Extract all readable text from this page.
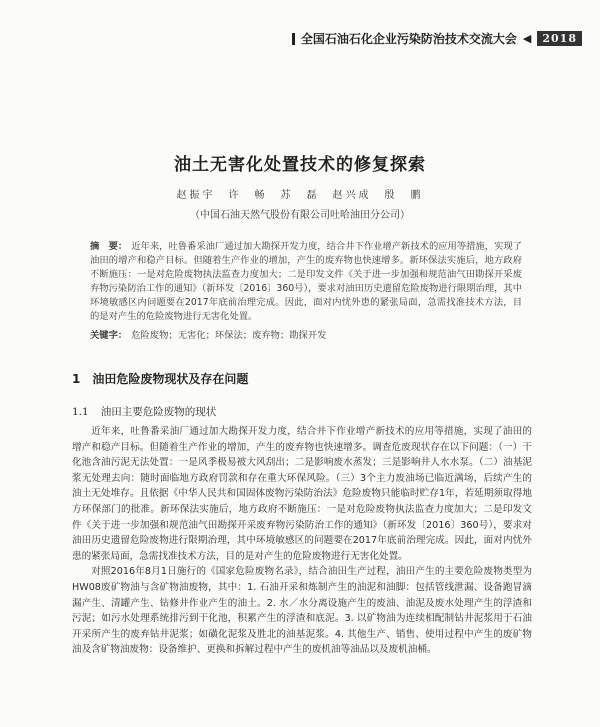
全国石油石化企业污染防治技术交流大会 ◀	2018
油土无害化处置技术的修复探索
赵振宇　许　畅　苏　磊　赵兴成　殷　鹏
（中国石油天然气股份有限公司吐哈油田分公司）
摘　要： 近年来，吐鲁番采油厂通过加大勘探开发力度，结合井下作业增产新技术的应用等措施，实现了油田的增产和稳产目标。但随着生产作业的增加，产生的废弃物也快速增多。新环保法实施后，地方政府不断施压：一是对危险废物执法监查力度加大；二是印发文件《关于进一步加强和规范油气田勘探开采废弃物污染防治工作的通知》（新环发〔2016〕360号），要求对油田历史遗留危险废物进行限期治理，其中环境敏感区内问题要在2017年底前治理完成。因此，面对内忧外患的紧张局面，急需找准技术方法，目的是对产生的危险废物进行无害化处置。
关键字： 危险废物；无害化；环保法；废弃物；勘探开发
1 油田危险废物现状及存在问题
1.1 油田主要危险废物的现状

近年来，吐鲁番采油厂通过加大勘探开发力度，结合井下作业增产新技术的应用等措施，实现了油田的增产和稳产目标。但随着生产作业的增加，产生的废弃物也快速增多。调查危废现状存在以下问题：（一）干化池含油污泥无法处置：一是风季极易被大风刮出；二是影响废水蒸发；三是影响井人水水泵。（二）油基泥浆无处理去向：随时面临地方政府罚款和存在重大环保风险。（三）3个主力废油场已临近满场，后续产生的油土无处堆存。且依据《中华人民共和国固体废物污染防治法》危险废物只能临时贮存1年，若延期须取得地方环保部门的批准。新环保法实施后，地方政府不断施压：一是对危险废物执法监查力度加大；二是印发文件《关于进一步加强和规范油气田勘探开采废弃物污染防治工作的通知》（新环发〔2016〕360号），要求对油田历史遗留危险废物进行限期治理，其中环境敏感区的问题要在2017年底前治理完成。因此，面对内忧外患的紧张局面，急需找准技术方法，目的是对产生的危险废物进行无害化处置。

对照2016年8月1日施行的《国家危险废物名录》，结合油田生产过程，油田产生的主要危险废物类型为HW08废矿物油与含矿物油废物，其中：1. 石油开采和炼制产生的油泥和油脚：包括管线泄漏、设备跑冒滴漏产生、清罐产生、钻修井作业产生的油土。2. 水／水分离设施产生的废油、油泥及废水处理产生的浮渣和污泥；如污水处理系统排污到干化池，积累产生的浮渣和底泥。3. 以矿物油为连续相配制钻井泥浆用于石油开采所产生的废弃钻井泥浆；如磺化泥浆及胜北的油基泥浆。4. 其他生产、销售、使用过程中产生的废矿物油及含矿物油废物：设备维护、更换和拆解过程中产生的废机油等油品以及废机油桶。
